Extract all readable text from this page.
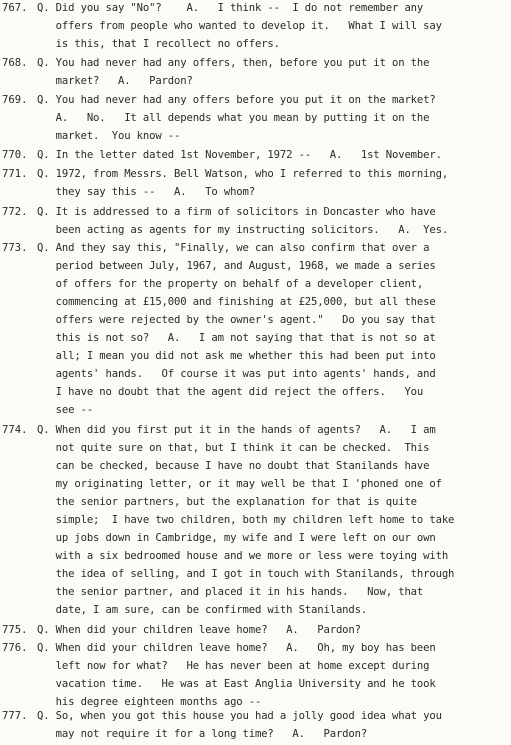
767. Q. Did you say "No"?    A.   I think --  I do not remember any
offers from people who wanted to develop it.   What I will say
is this, that I recollect no offers.
768. Q. You had never had any offers, then, before you put it on the
market?   A.   Pardon?
769. Q. You had never had any offers before you put it on the market?
A.   No.   It all depends what you mean by putting it on the
market.  You know --
770. Q. In the letter dated 1st November, 1972 --   A.   1st November.
771. Q. 1972, from Messrs. Bell Watson, who I referred to this morning,
they say this --   A.   To whom?
772. Q. It is addressed to a firm of solicitors in Doncaster who have
been acting as agents for my instructing solicitors.   A.  Yes.
773. Q. And they say this, "Finally, we can also confirm that over a
period between July, 1967, and August, 1968, we made a series
of offers for the property on behalf of a developer client,
commencing at £15,000 and finishing at £25,000, but all these
offers were rejected by the owner's agent."   Do you say that
this is not so?   A.   I am not saying that that is not so at
all; I mean you did not ask me whether this had been put into
agents' hands.   Of course it was put into agents' hands, and
I have no doubt that the agent did reject the offers.   You
see --
774. Q. When did you first put it in the hands of agents?   A.   I am
not quite sure on that, but I think it can be checked.  This
can be checked, because I have no doubt that Stanilands have
my originating letter, or it may well be that I 'phoned one of
the senior partners, but the explanation for that is quite
simple;  I have two children, both my children left home to take
up jobs down in Cambridge, my wife and I were left on our own
with a six bedroomed house and we more or less were toying with
the idea of selling, and I got in touch with Stanilands, through
the senior partner, and placed it in his hands.   Now, that
date, I am sure, can be confirmed with Stanilands.
775. Q. When did your children leave home?   A.   Pardon?
776. Q. When did your children leave home?   A.   Oh, my boy has been
left now for what?   He has never been at home except during
vacation time.   He was at East Anglia University and he took
his degree eighteen months ago --
777. Q. So, when you got this house you had a jolly good idea what you
may not require it for a long time?   A.   Pardon?
